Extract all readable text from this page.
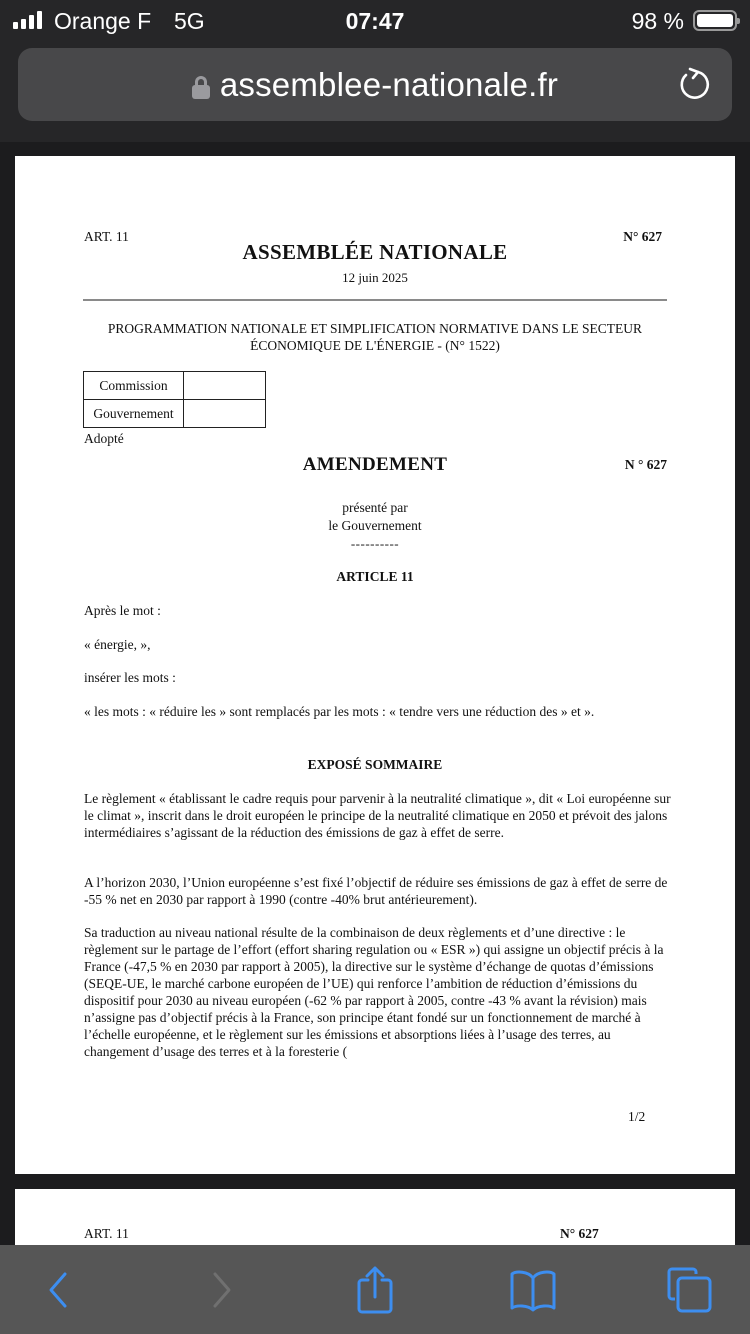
Orange F 5G	07:47	98 %
assemblee-nationale.fr
ART. 11	N° 627
ASSEMBLÉE NATIONALE
12 juin 2025
PROGRAMMATION NATIONALE ET SIMPLIFICATION NORMATIVE DANS LE SECTEUR ÉCONOMIQUE DE L'ÉNERGIE - (N° 1522)
Commission	
Gouvernement	
Adopté
AMENDEMENT	N ° 627
présenté par
le Gouvernement
----------
ARTICLE 11
Après le mot :
« énergie, »,
insérer les mots :
« les mots : « réduire les » sont remplacés par les mots : « tendre vers une réduction des » et ».
EXPOSÉ SOMMAIRE
Le règlement « établissant le cadre requis pour parvenir à la neutralité climatique », dit « Loi européenne sur le climat », inscrit dans le droit européen le principe de la neutralité climatique en 2050 et prévoit des jalons intermédiaires s’agissant de la réduction des émissions de gaz à effet de serre.
A l’horizon 2030, l’Union européenne s’est fixé l’objectif de réduire ses émissions de gaz à effet de serre de -55 % net en 2030 par rapport à 1990 (contre -40% brut antérieurement).
Sa traduction au niveau national résulte de la combinaison de deux règlements et d’une directive : le règlement sur le partage de l’effort (effort sharing regulation ou « ESR ») qui assigne un objectif précis à la France (-47,5 % en 2030 par rapport à 2005), la directive sur le système d’échange de quotas d’émissions (SEQE-UE, le marché carbone européen de l’UE) qui renforce l’ambition de réduction d’émissions du dispositif pour 2030 au niveau européen (-62 % par rapport à 2005, contre -43 % avant la révision) mais n’assigne pas d’objectif précis à la France, son principe étant fondé sur un fonctionnement de marché à l’échelle européenne, et le règlement sur les émissions et absorptions liées à l’usage des terres, au changement d’usage des terres et à la foresterie (
1/2
ART. 11	N° 627
